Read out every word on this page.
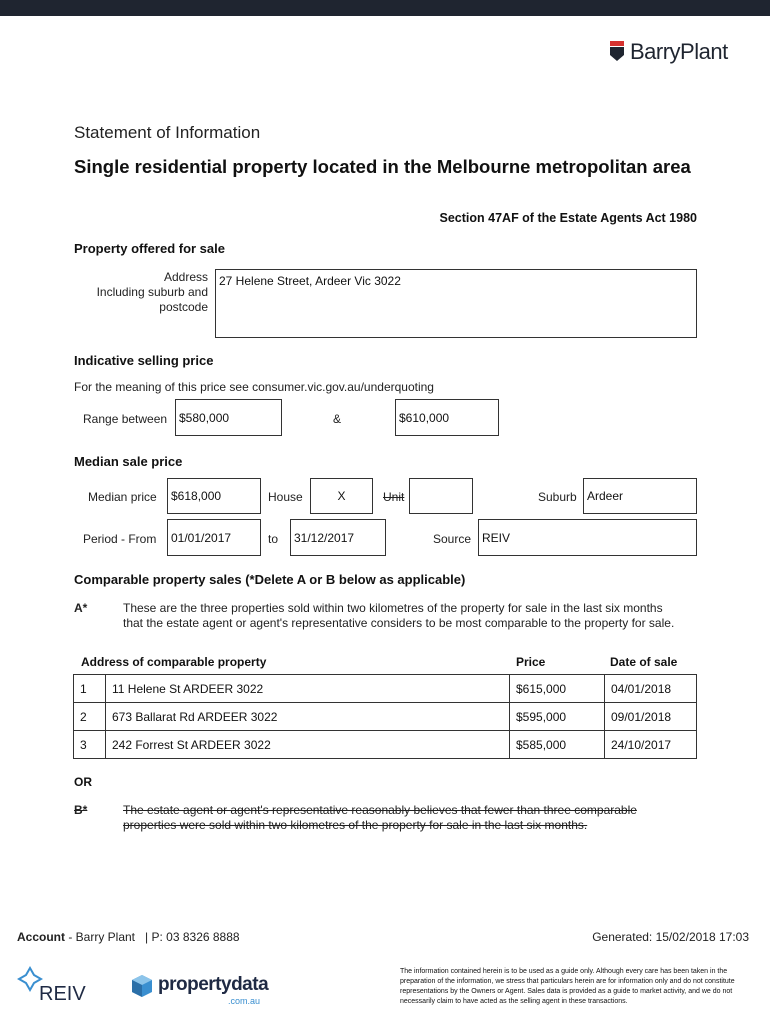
BarryPlant
Statement of Information
Single residential property located in the Melbourne metropolitan area
Section 47AF of the Estate Agents Act 1980
Property offered for sale
Address
Including suburb and
postcode
27 Helene Street, Ardeer Vic 3022
Indicative selling price
For the meaning of this price see consumer.vic.gov.au/underquoting
Range between $580,000	&	$610,000
Median sale price
Median price	$618,000	House	X	Unit	Suburb Ardeer
Period - From	01/01/2017	to	31/12/2017	Source REIV
Comparable property sales (*Delete A or B below as applicable)
A*	These are the three properties sold within two kilometres of the property for sale in the last six months that the estate agent or agent's representative considers to be most comparable to the property for sale.
Address of comparable property	Price	Date of sale
1	11 Helene St ARDEER 3022	$615,000	04/01/2018
2	673 Ballarat Rd ARDEER 3022	$595,000	09/01/2018
3	242 Forrest St ARDEER 3022	$585,000	24/10/2017
OR
B*	The estate agent or agent's representative reasonably believes that fewer than three comparable properties were sold within two kilometres of the property for sale in the last six months.
Account - Barry Plant | P: 03 8326 8888	Generated: 15/02/2018 17:03
REIV	propertydata
.com.au
The information contained herein is to be used as a guide only. Although every care has been taken in the preparation of the information, we stress that particulars herein are for information only and do not constitute representations by the Owners or Agent. Sales data is provided as a guide to market activity, and we do not necessarily claim to have acted as the selling agent in these transactions.
